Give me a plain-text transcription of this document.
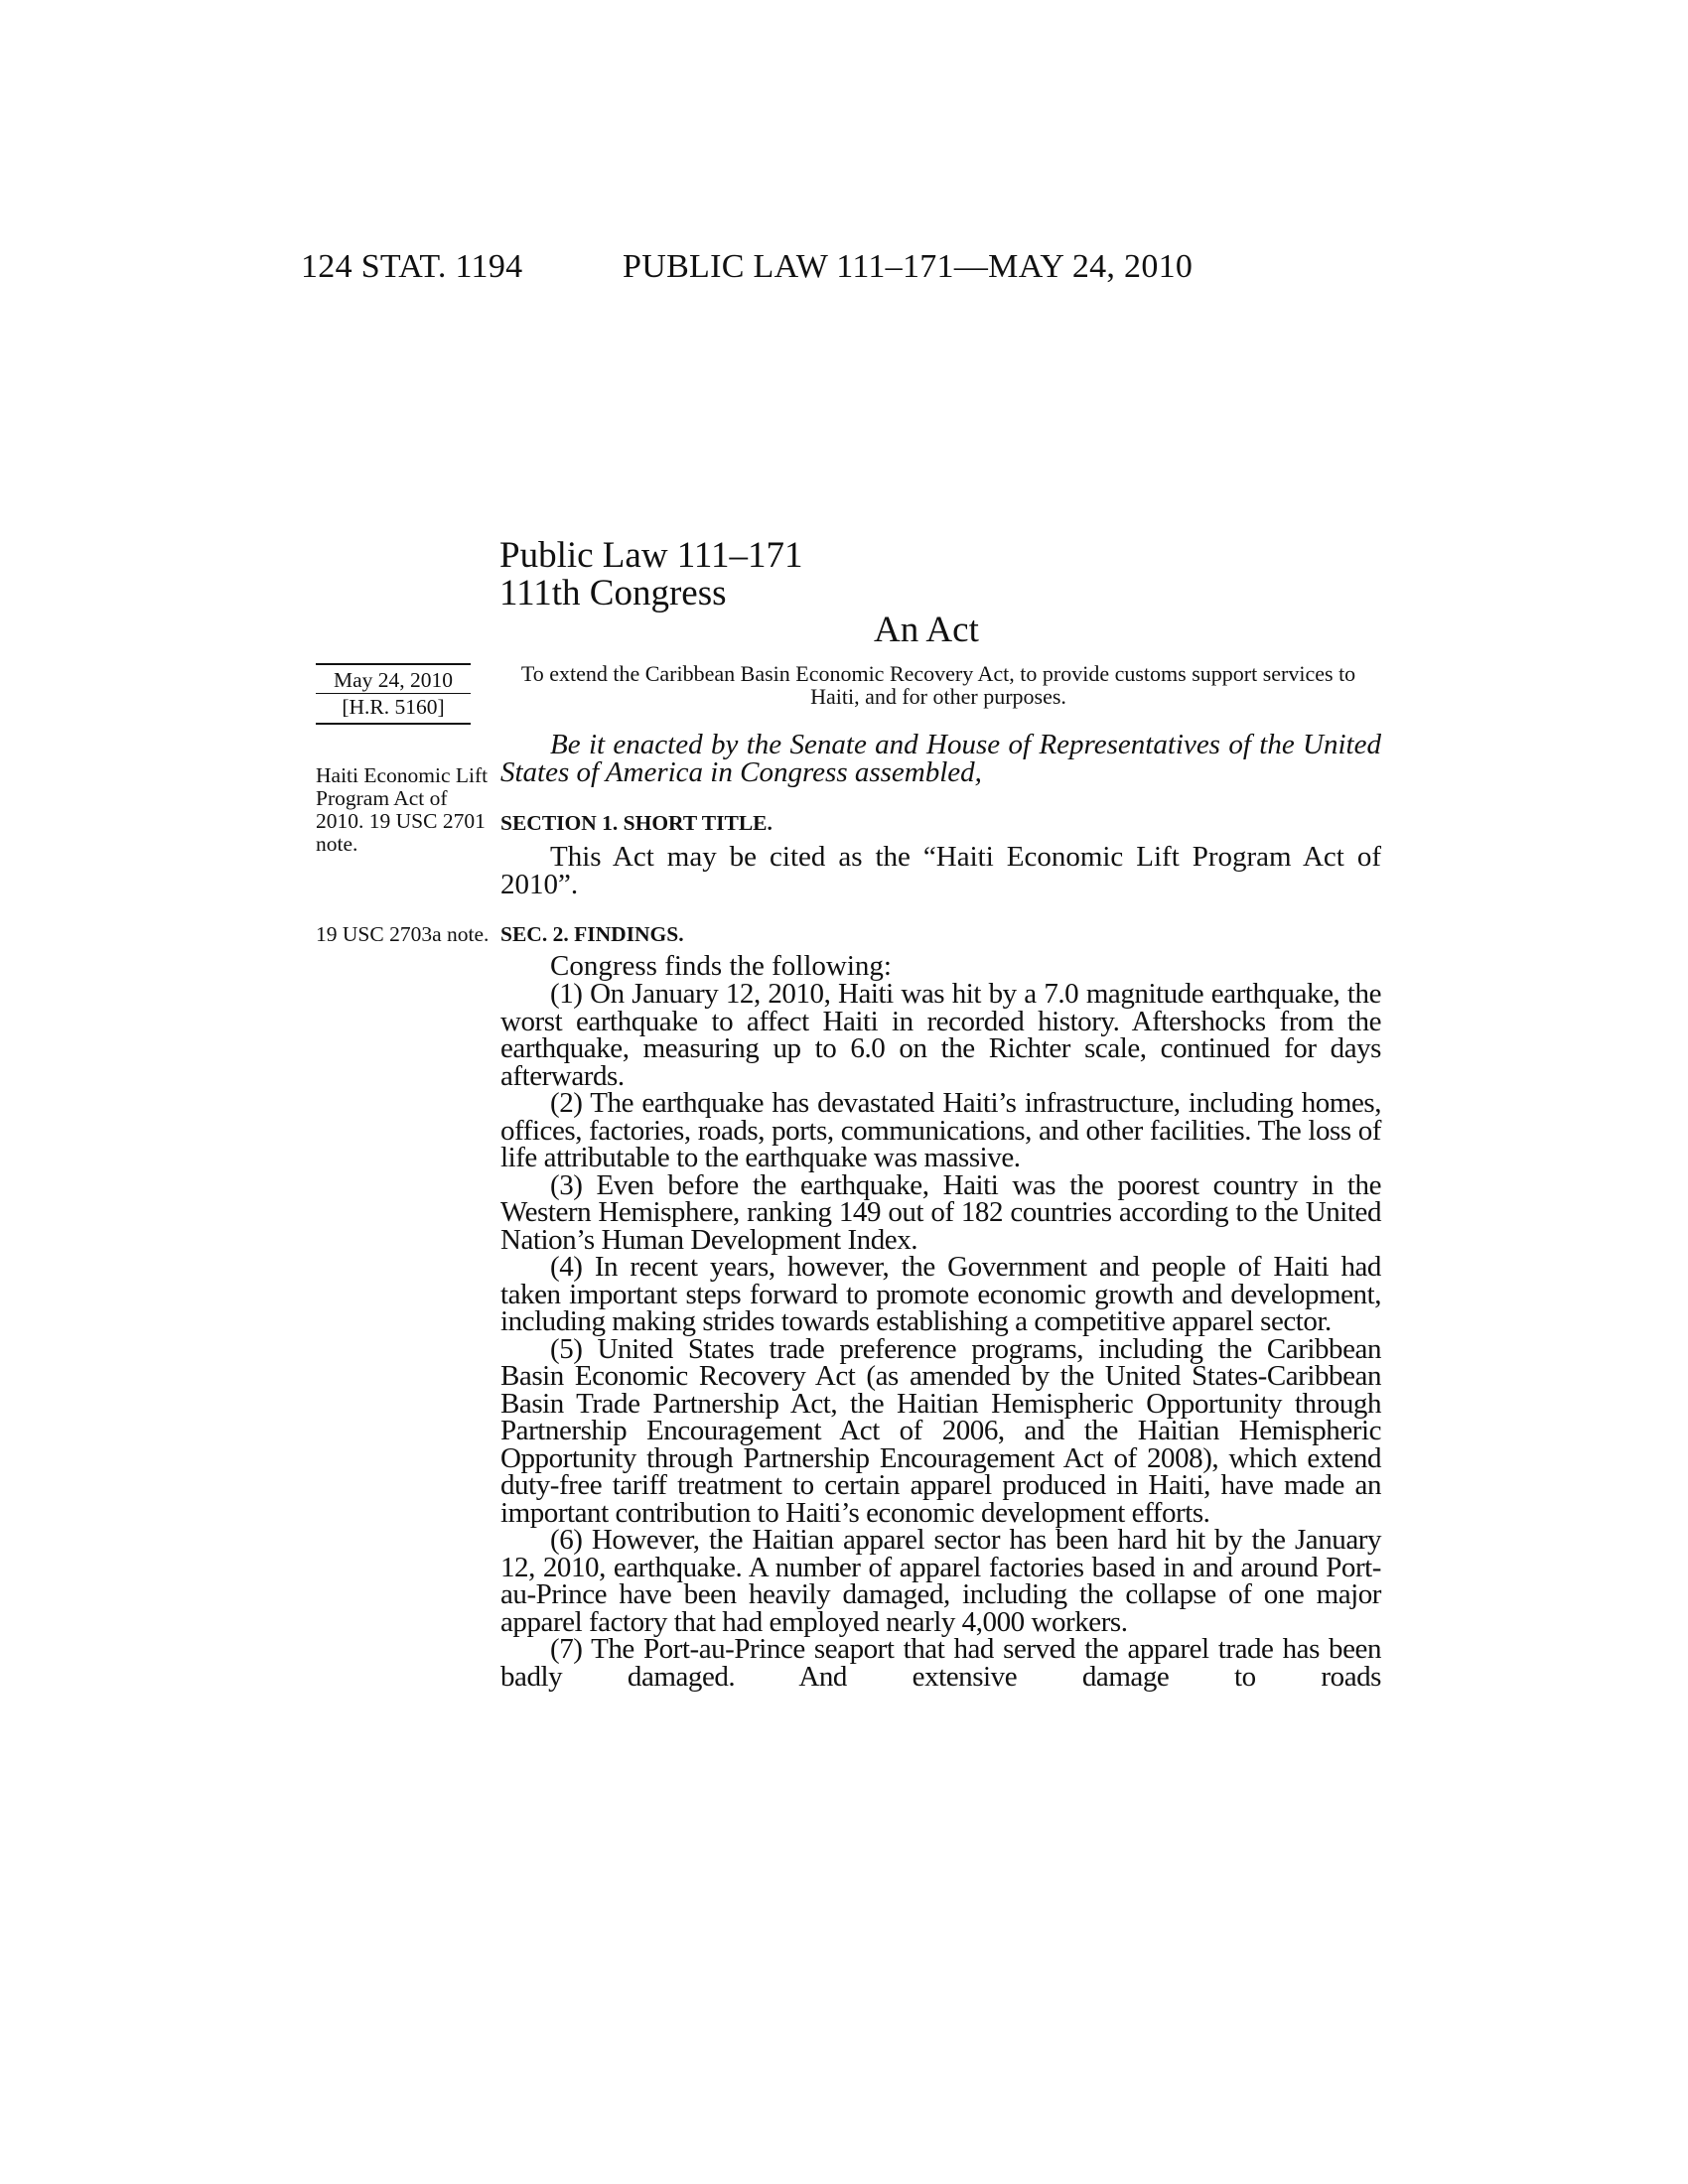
124 STAT. 1194	PUBLIC LAW 111–171—MAY 24, 2010
Public Law 111–171
111th Congress
An Act
May 24, 2010
[H.R. 5160]
Haiti Economic Lift Program Act of 2010. 19 USC 2701 note.
19 USC 2703a note.
To extend the Caribbean Basin Economic Recovery Act, to provide customs support services to Haiti, and for other purposes.
Be it enacted by the Senate and House of Representatives of the United States of America in Congress assembled,
SECTION 1. SHORT TITLE.
This Act may be cited as the “Haiti Economic Lift Program Act of 2010”.
SEC. 2. FINDINGS.
Congress finds the following:

(1) On January 12, 2010, Haiti was hit by a 7.0 magnitude earthquake, the worst earthquake to affect Haiti in recorded history. Aftershocks from the earthquake, measuring up to 6.0 on the Richter scale, continued for days afterwards.

(2) The earthquake has devastated Haiti’s infrastructure, including homes, offices, factories, roads, ports, communications, and other facilities. The loss of life attributable to the earthquake was massive.

(3) Even before the earthquake, Haiti was the poorest country in the Western Hemisphere, ranking 149 out of 182 countries according to the United Nation’s Human Development Index.

(4) In recent years, however, the Government and people of Haiti had taken important steps forward to promote economic growth and development, including making strides towards establishing a competitive apparel sector.

(5) United States trade preference programs, including the Caribbean Basin Economic Recovery Act (as amended by the United States-Caribbean Basin Trade Partnership Act, the Haitian Hemispheric Opportunity through Partnership Encouragement Act of 2006, and the Haitian Hemispheric Opportunity through Partnership Encouragement Act of 2008), which extend duty-free tariff treatment to certain apparel produced in Haiti, have made an important contribution to Haiti’s economic development efforts.

(6) However, the Haitian apparel sector has been hard hit by the January 12, 2010, earthquake. A number of apparel factories based in and around Port-au-Prince have been heavily damaged, including the collapse of one major apparel factory that had employed nearly 4,000 workers.

(7) The Port-au-Prince seaport that had served the apparel trade has been badly damaged. And extensive damage to roads
